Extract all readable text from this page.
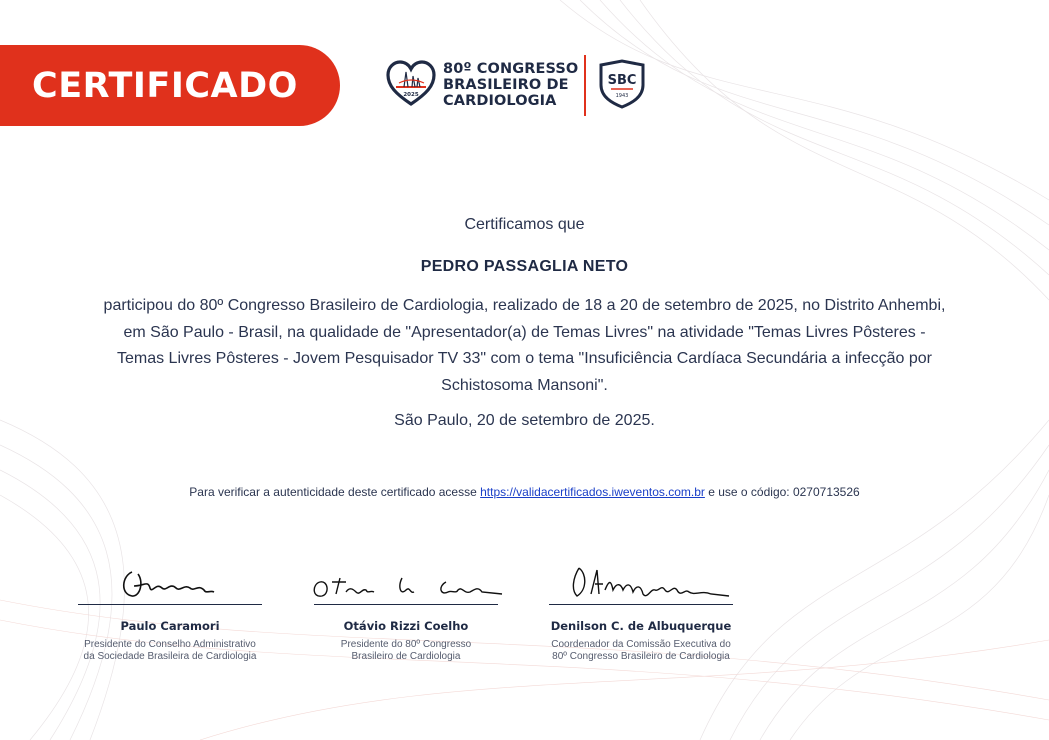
CERTIFICADO	2025
80º CONGRESSO
BRASILEIRO DE
CARDIOLOGIA
SBC
1943
Certificamos que
PEDRO PASSAGLIA NETO
participou do 80º Congresso Brasileiro de Cardiologia, realizado de 18 a 20 de setembro de 2025, no Distrito Anhembi,
em São Paulo - Brasil, na qualidade de "Apresentador(a) de Temas Livres" na atividade "Temas Livres Pôsteres -
Temas Livres Pôsteres - Jovem Pesquisador TV 33" com o tema "Insuficiência Cardíaca Secundária a infecção por
Schistosoma Mansoni".
São Paulo, 20 de setembro de 2025.
Para verificar a autenticidade deste certificado acesse https://validacertificados.iweventos.com.br e use o código: 0270713526
Paulo Caramori
Presidente do Conselho Administrativo
da Sociedade Brasileira de Cardiologia
Otávio Rizzi Coelho
Presidente do 80º Congresso
Brasileiro de Cardiologia
Denilson C. de Albuquerque
Coordenador da Comissão Executiva do
80º Congresso Brasileiro de Cardiologia
